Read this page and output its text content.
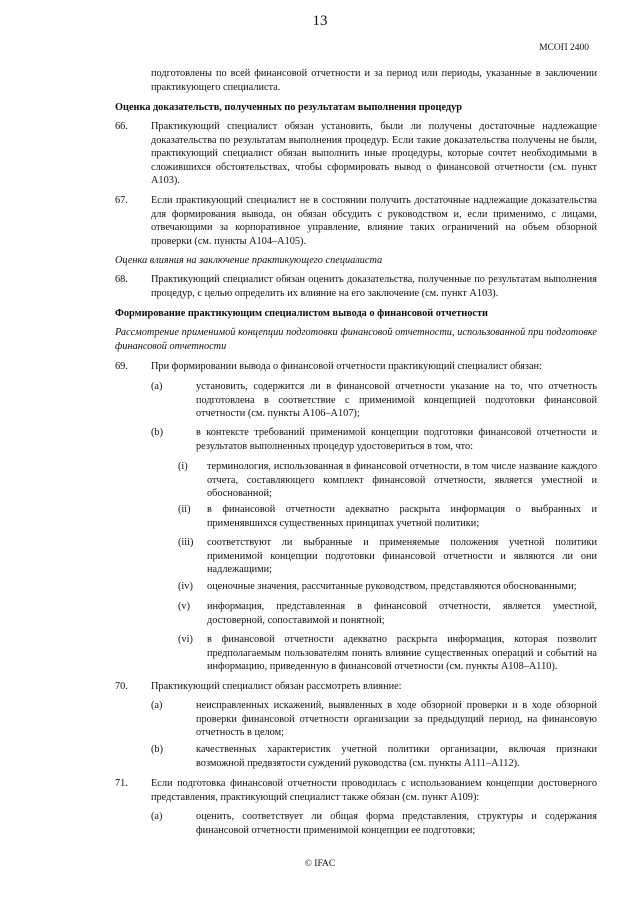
13
МСОП 2400
подготовлены по всей финансовой отчетности и за период или периоды, указанные в заключении практикующего специалиста.
Оценка доказательств, полученных по результатам выполнения процедур
66. Практикующий специалист обязан установить, были ли получены достаточные надлежащие доказательства по результатам выполнения процедур. Если такие доказательства получены не были, практикующий специалист обязан выполнить иные процедуры, которые сочтет необходимыми в сложившихся обстоятельствах, чтобы сформировать вывод о финансовой отчетности (см. пункт A103).
67. Если практикующий специалист не в состоянии получить достаточные надлежащие доказательства для формирования вывода, он обязан обсудить с руководством и, если применимо, с лицами, отвечающими за корпоративное управление, влияние таких ограничений на объем обзорной проверки (см. пункты A104–A105).
Оценка влияния на заключение практикующего специалиста
68. Практикующий специалист обязан оценить доказательства, полученные по результатам выполнения процедур, с целью определить их влияние на его заключение (см. пункт A103).
Формирование практикующим специалистом вывода о финансовой отчетности
Рассмотрение применимой концепции подготовки финансовой отчетности, использованной при подготовке финансовой отчетности
69. При формировании вывода о финансовой отчетности практикующий специалист обязан:
(a)	установить, содержится ли в финансовой отчетности указание на то, что отчетность подготовлена в соответствие с применимой концепцией подготовки финансовой отчетности (см. пункты A106–A107);
(b)	в контексте требований применимой концепции подготовки финансовой отчетности и результатов выполненных процедур удостовериться в том, что:
(i) терминология, использованная в финансовой отчетности, в том числе название каждого отчета, составляющего комплект финансовой отчетности, является уместной и обоснованной;
(ii) в финансовой отчетности адекватно раскрыта информация о выбранных и применявшихся существенных принципах учетной политики;
(iii) соответствуют ли выбранные и применяемые положения учетной политики применимой концепции подготовки финансовой отчетности и являются ли они надлежащими;
(iv) оценочные значения, рассчитанные руководством, представляются обоснованными;
(v) информация, представленная в финансовой отчетности, является уместной, достоверной, сопоставимой и понятной;
(vi) в финансовой отчетности адекватно раскрыта информация, которая позволит предполагаемым пользователям понять влияние существенных операций и событий на информацию, приведенную в финансовой отчетности (см. пункты A108–A110).
70. Практикующий специалист обязан рассмотреть влияние:
(a)	неисправленных искажений, выявленных в ходе обзорной проверки и в ходе обзорной проверки финансовой отчетности организации за предыдущий период, на финансовую отчетность в целом;
(b)	качественных характеристик учетной политики организации, включая признаки возможной предвзятости суждений руководства (см. пункты A111–A112).
71. Если подготовка финансовой отчетности проводилась с использованием концепции достоверного представления, практикующий специалист также обязан (см. пункт A109):
(a)	оценить, соответствует ли общая форма представления, структуры и содержания финансовой отчетности применимой концепции ее подготовки;
© IFAC
